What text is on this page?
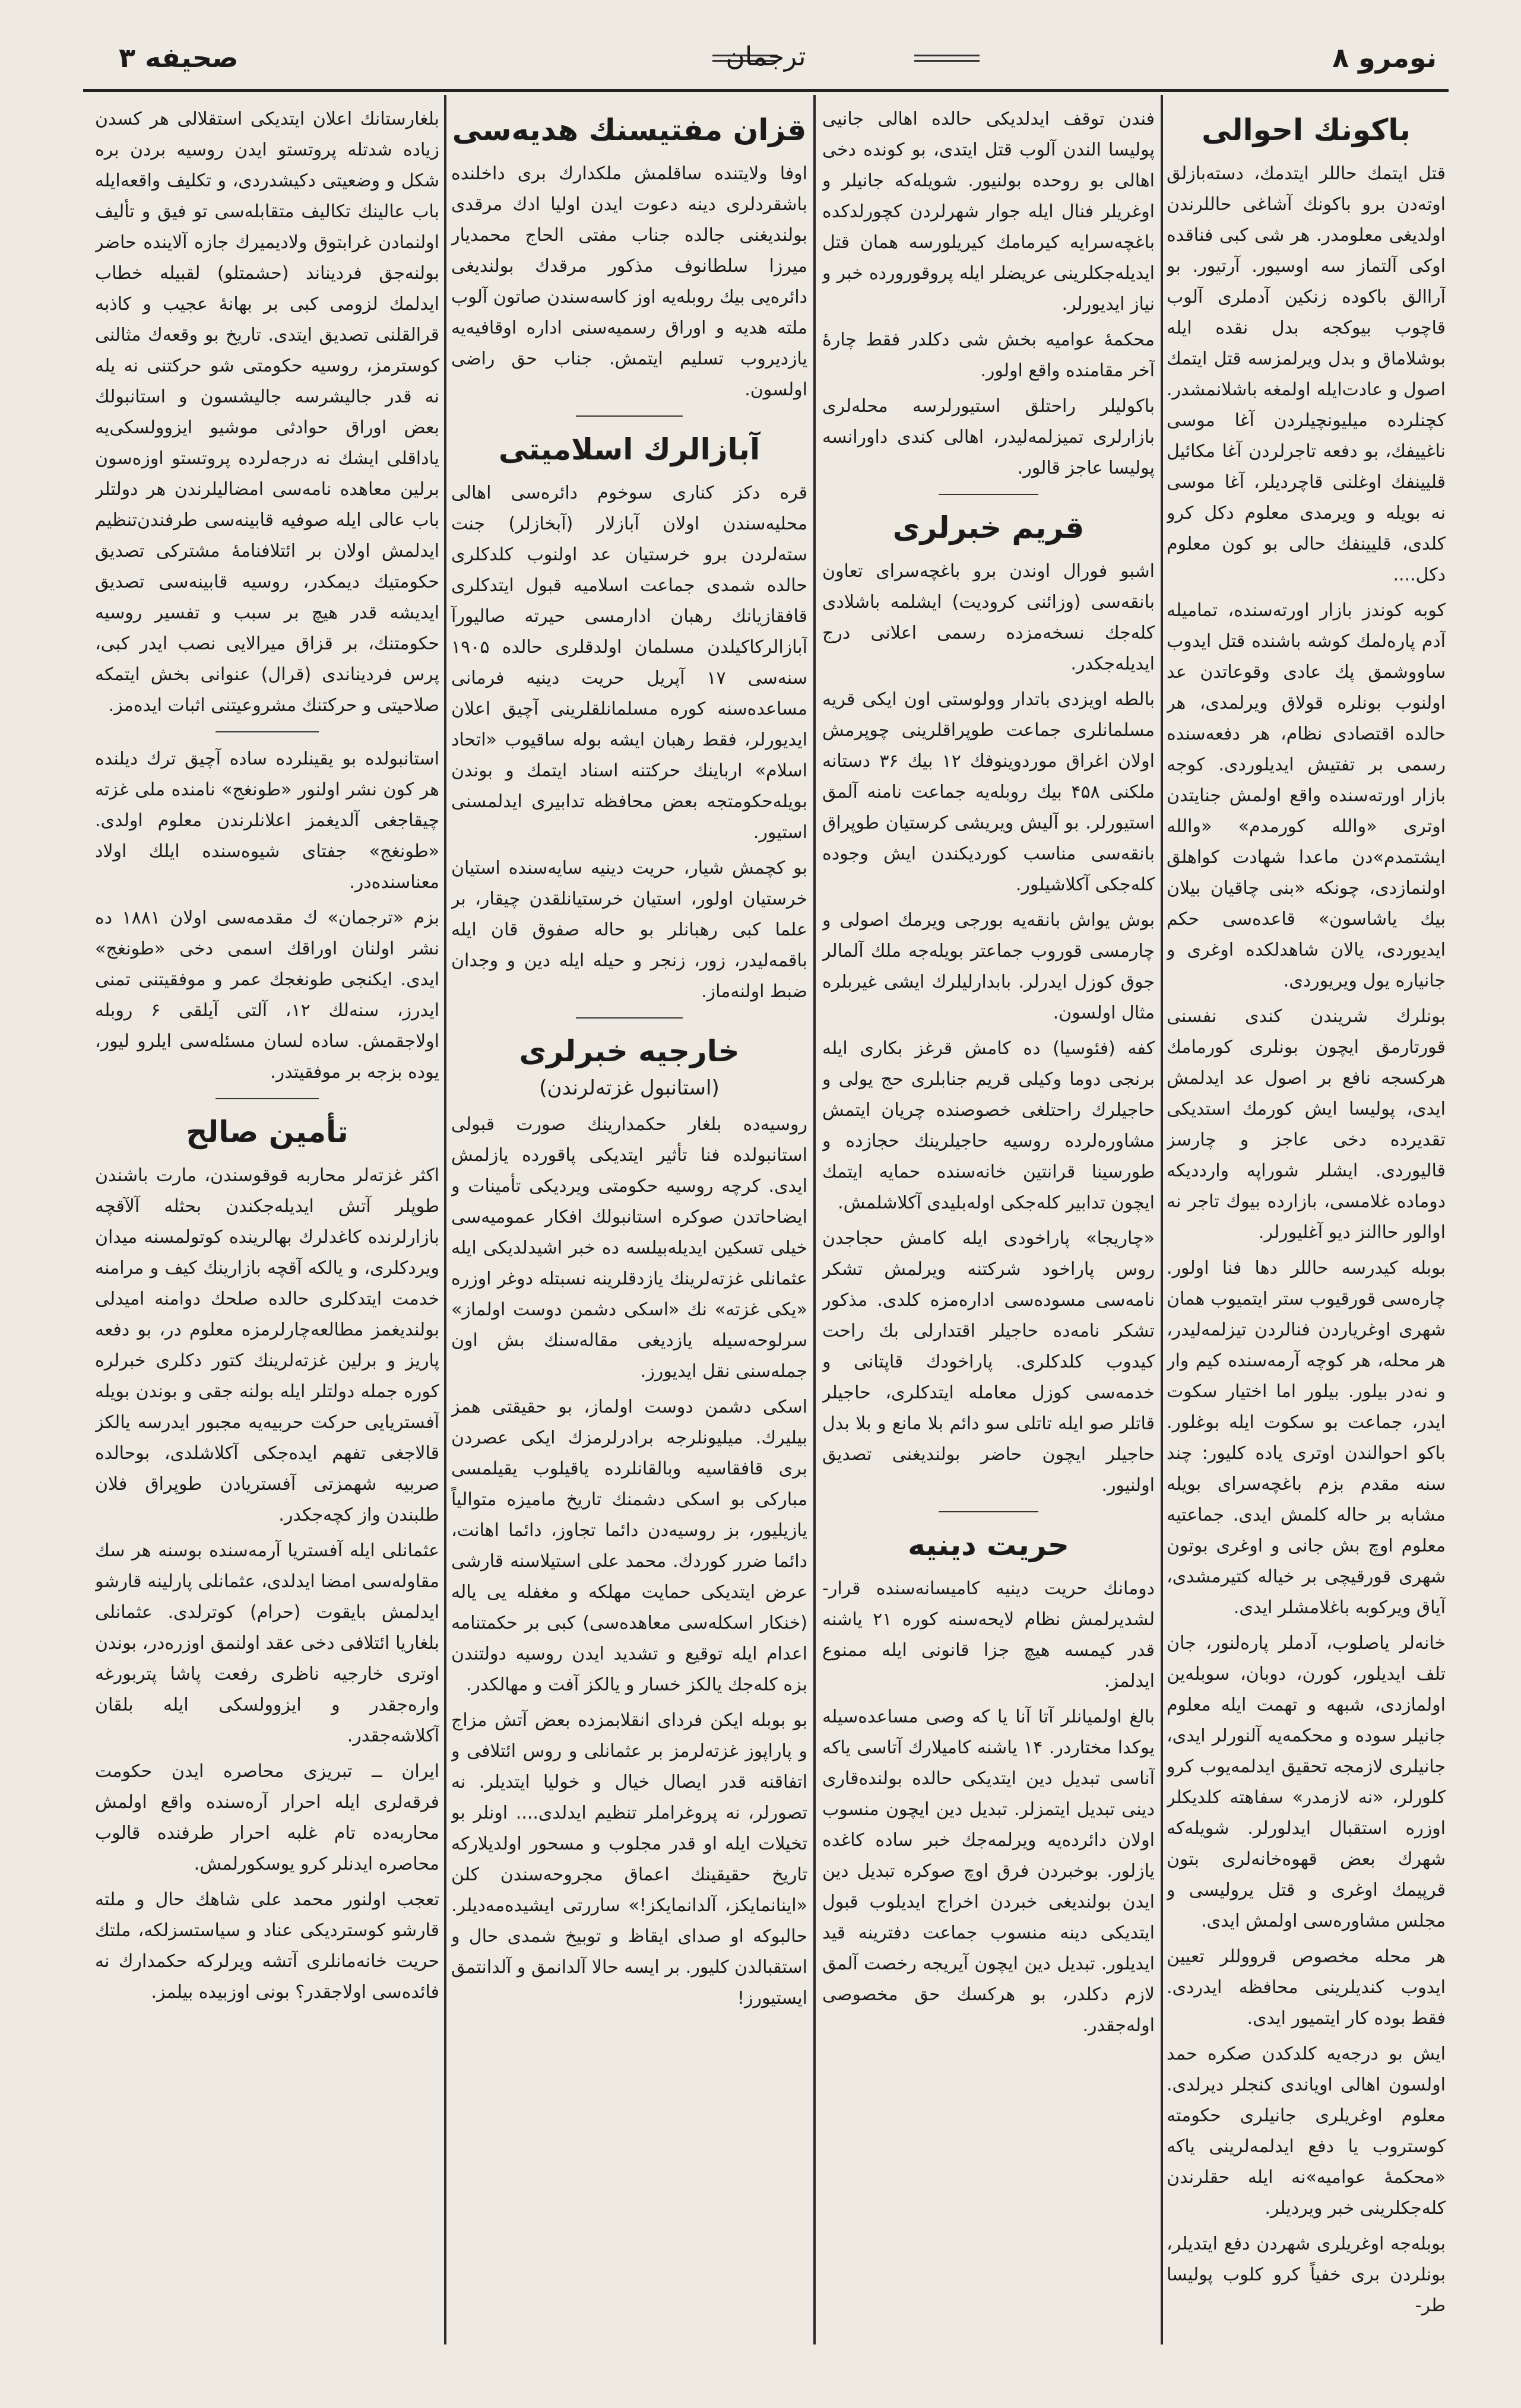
نومرو ۸
ترجمان
صحیفه ۳
باکونك احوالی

قتل ایتمك حاللر ایتدمك، دسته‌بازلق اوته‌دن برو باکونك آشاغی حاللرندن اولدیغی معلومدر. هر شی کبی فناقده اوکی آلتماز سه اوسیور. آرتیور. بو آراالق باکوده زنکین آدملری آلوب قاچوب بیوکجه بدل نقده ایله بوشلاماق و بدل ویرلمزسه قتل ایتمك اصول و عادت‌ایله اولمغه باشلانمشدر. کچنلرده میلیونچیلردن آغا موسی ناغییفك، بو دفعه تاجرلردن آغا مکائیل قلیینفك اوغلنی قاچردیلر، آغا موسی نه بویله و ویرمدی معلوم دکل کرو کلدی، قلیینفك حالی بو کون معلوم دکل....

کوبه کوندز بازار اورته‌سنده، تمامیله آدم پاره‌لمك کوشه باشنده قتل ایدوب ساووشمق پك عادی وقوعاتدن عد اولنوب بونلره قولاق ویرلمدی، هر حالده اقتصادی نظام، هر دفعه‌سنده رسمی بر تفتیش ایدیلوردی. کوجه بازار اورته‌سنده واقع اولمش جنایتدن اوتری «والله کورمدم» «والله ایشتمدم»دن ماعدا شهادت کواهلق اولنمازدی، چونکه «بنی چاقیان بیلان بیك یاشاسون» قاعده‌سی حکم ایدیوردی، یالان شاهدلکده اوغری و جانیاره یول ویریوردی.

بونلرك شریندن کندی نفسنی قورتارمق ایچون بونلری کورمامك هرکسجه نافع بر اصول عد ایدلمش ایدی، پولیسا ایش کورمك استدیکی تقدیرده دخی عاجز و چارسز قالیوردی. ایشلر شوراپه وارددیکه دوماده غلامسی، بازارده بیوك تاجر نه اوالور حاالنز دیو آغلیورلر.

بوبله کیدرسه حاللر دها فنا اولور. چاره‌سی قورقیوب ستر ایتمیوب همان شهری اوغریاردن فنالردن تیزلمه‌لیدر، هر محله، هر کوچه آرمه‌سنده کیم وار و نه‌در بیلور. بیلور اما اختیار سکوت ایدر، جماعت بو سکوت ایله بوغلور. باکو احوالندن اوتری یاده کلیور: چند سنه مقدم بزم باغچه‌سرای بویله مشابه بر حاله کلمش ایدی. جماعتیه معلوم اوچ بش جانی و اوغری بوتون شهری قورقیچی بر خیاله کتیرمشدی، آیاق ویرکوبه باغلامشلر ایدی.

خانه‌لر یاصلوب، آدملر پاره‌لنور، جان تلف ایدیلور، کورن، دوبان، سوبله‌ین اولمازدی، شبهه و تهمت ایله معلوم جانیلر سوده و محکمه‌یه آلنورلر ایدی، جانیلری لازمجه تحقیق ایدلمه‌یوب کرو کلورلر، «نه لازمدر» سفاهته کلدیکلر اوزره استقبال ایدلورلر. شویله‌که شهرك بعض قهوه‌خانه‌لری بتون قرپیمك اوغری و قتل یرولیسی و مجلس مشاوره‌سی اولمش ایدی.

هر محله مخصوص قرووللر تعیین ایدوب کندیلرینی محافظه ایدردی. فقط بوده کار ایتمیور ایدی.

ایش بو درجه‌یه کلدکدن صکره حمد اولسون اهالی اویاندی کنجلر دیرلدی. معلوم اوغریلری جانیلری حکومته کوستروب یا دفع ایدلمه‌لرینی یاکه «محکمهٔ عوامیه»نه ایله حقلرندن کله‌جکلرینی خبر ویردیلر.

بوبله‌جه اوغریلری شهردن دفع ایتدیلر، بونلردن بری خفیاً کرو کلوب پولیسا طر-

فندن توقف ایدلدیکی حالده اهالی جانیی پولیسا الندن آلوب قتل ایتدی، بو کونده دخی اهالی بو روحده بولنیور. شویله‌که جانیلر و اوغریلر فنال ایله جوار شهرلردن کچورلدکده باغچه‌سرایه کیرمامك کیریلورسه همان قتل ایدیله‌جکلرینی عریضلر ایله پروقورورده خبر و نیاز ایدیورلر.

محکمهٔ عوامیه بخش شی دکلدر فقط چارهٔ آخر مقامنده واقع اولور.

باکولیلر راحتلق استیورلرسه محله‌لری بازارلری تمیزلمه‌لیدر، اهالی کندی داورانسه پولیسا عاجز قالور.

قریم خبرلری

اشبو فورال اوندن برو باغچه‌سرای تعاون بانقه‌سی (وزائنی کرودیت) ایشلمه باشلادی کله‌جك نسخه‌مزده رسمی اعلانی درج ایدیله‌جکدر.

بالطه اویزدی باتدار وولوستی اون ایکی قریه مسلمانلری جماعت طوپراقلرینی چوپرمش اولان اغراق موردوینوفك ۱۲ بیك ۳۶ دستانه ملکنی ۴۵۸ بیك روبله‌یه جماعت نامنه آلمق استیورلر. بو آلیش ویریشی کرستیان طوپراق بانقه‌سی مناسب کوردیکندن ایش وجوده کله‌جکی آکلاشیلور.

بوش یواش بانقه‌یه بورجی ویرمك اصولی و چارمسی قوروب جماعتر بو‌یله‌جه ملك آلمالر جوق کوزل ایدرلر. بابدارلیلرك ایشی غیربلره مثال اولسون.

کفه (فئوسیا) ده کامش قرغز بکاری ایله برنجی دوما وکیلی قریم جنابلری حج یولی و حاجیلرك راحتلغی خصوصنده چریان ایتمش مشاوره‌لرده روسیه حاجیلرینك حجازده و طورسینا قرانتین خانه‌سنده حمایه ایتمك ایچون تدابیر کله‌جکی اوله‌بلیدی آکلاشلمش.

«چاریجا» پاراخودی ایله کامش حجاجدن روس پاراخود شرکتنه ویرلمش تشکر نامه‌سی مسوده‌سی اداره‌مزه کلدی. مذکور تشکر نامه‌ده حاجیلر اقتدارلی بك راحت کیدوب کلدکلری. پاراخودك قاپتانی و خدمه‌سی کوزل معامله ایتدکلری، حاجیلر قاتلر صو ایله تاتلی سو دائم بلا مانع و بلا بدل حاجیلر ایچون حاضر بولندیغنی تصدیق اولنیور.

حریت دینیه

دومانك حریت دینیه کامیسانه‌سنده قرار-لشدیرلمش نظام لایحه‌سنه کوره ۲۱ یاشنه قدر کیمسه هیچ جزا قانونی ایله ممنوع ایدلمز.

بالغ اولمیانلر آتا آنا یا که وصی مساعده‌سیله یوکدا مختاردر. ۱۴ یاشنه کامیلارك آتاسی یاکه آناسی تبدیل دین ایتدیکی حالده بولنده‌قاری دینی تبدیل ایتمزلر. تبدیل دین ایچون منسوب اولان دائرده‌یه ویرلمه‌جك خبر ساده کاغده یازلور. بوخبردن فرق اوچ صوکره تبدیل دین ایدن بولندیغی خبردن اخراج ایدیلوب قبول ایتدیکی دینه منسوب جماعت دفترینه قید ایدیلور. تبدیل دین ایچون آیریجه رخصت آلمق لازم دکلدر، بو هرکسك حق مخصوصی اوله‌جقدر.

قزان مفتیسنك هدیه‌سی

اوفا ولایتنده ساقلمش ملکدارك بری داخلنده باشقردلری دینه دعوت ایدن اولیا ادك مرقدی بولندیغنی جالده جناب مفتی الحاج محمدیار میرزا سلطانوف مذکور مرقدك بولندیغی دائره‌یی بیك روبله‌یه اوز کاسه‌سندن صاتون آلوب ملته هدیه و اوراق رسمیه‌سنی اداره اوقافیه‌یه یازدیروب تسلیم ایتمش. جناب حق راضی اولسون.

آبازالرك اسلامیتی

قره دکز کناری سوخوم دائره‌سی اهالی محلیه‌سندن اولان آبازلار (آبخازلر) جنت سته‌لردن برو خرستیان عد اولنوب کلدکلری حالده شمدی جماعت اسلامیه قبول ایتدکلری قافقازیانك رهبان ادارمسی حیرته صالیورآ آبازالرکاکیلدن مسلمان اولدقلری حالده ۱۹۰۵ سنه‌سی ۱۷ آپریل حریت دینیه فرمانی مساعده‌سنه کوره مسلمانلقلرینی آچیق اعلان ایدیورلر، فقط رهبان ایشه بوله ساقیوب «اتحاد اسلام» ارباینك حرکتنه اسناد ایتمك و بوندن بویله‌حکومتجه بعض محافظه تدابیری ایدلمسنی استیور.

بو کچمش شیار، حریت دینیه سایه‌سنده استیان خرستیان اولور، استیان خرستیانلقدن چیقار، بر علما کبی رهبانلر بو حاله صفوق قان ایله باقمه‌لیدر، زور، زنجر و حیله ایله دین و وجدان ضبط اولنه‌ماز.

خارجیه خبرلری
(استانبول غزته‌لرندن)

روسیه‌ده بلغار حکمدارینك صورت قبولی استانبولده فنا تأثیر ایتدیکی پاقورده یازلمش ایدی. کرچه روسیه حکومتی ویردیکی تأمینات و ایضاحاتدن صوکره استانبولك افکار عمومیه‌سی خیلی تسکین ایدیله‌بیلسه ده خبر اشیدلدیکی ایله عثمانلی غزته‌لرینك یازدقلرینه نسبتله دوغر اوزره «یکی غزته» نك «اسکی دشمن دوست اولماز» سرلوحه‌سیله یازدیغی مقاله‌سنك بش اون جمله‌سنی نقل ایدیورز.

اسکی دشمن دوست اولماز، بو حقیقتی همز بیلیرك. میلیونلرجه برادرلرمزك ایکی عصردن بری قافقاسیه وبالقانلرده یاقیلوب یقیلمسی مبارکی بو اسکی دشمنك تاریخ مامیزه متوالیاً یازیلیور، بز روسیه‌دن دائما تجاوز، دائما اهانت، دائما ضرر کوردك. محمد علی استیلاسنه قارشی عرض ایتدیکی حمایت مهلکه و مغفله یی یاله (خنکار اسکله‌سی معاهده‌سی) کبی بر حکمتنامه اعدام ایله توقیع و تشدید ایدن روسیه دولتندن بزه کله‌جك یالکز خسار و یالکز آفت و مهالکدر.

بو بوبله ایکن فردای انقلابمزده بعض آتش مزاج و پاراپوز غزته‌لرمز بر عثمانلی و روس ائتلافی و اتفاقنه قدر ایصال خیال و خولیا ایتدیلر. نه تصورلر، نه پروغراملر تنظیم ایدلدی.... اونلر بو تخیلات ایله او قدر مجلوب و مسحور اولدیلارکه تاریخ حقیقینك اعماق مجروحه‌سندن کلن «اینانمایکز، آلدانمایکز!» ساررتی ایشیده‌مه‌دیلر. حالبوکه او صدای ایقاظ و توبیخ شمدی حال و استقبالدن کلیور. بر ایسه حالا آلدانمق و آلدانتمق ایستیورز!

بلغارستانك اعلان ایتدیکی استقلالی هر کسدن زیاده شدتله پروتستو ایدن روسیه بردن بره شکل و وضعیتی دکیشدردی، و تکلیف واقعه‌ایله باب عالینك تکالیف متقابله‌سی تو فیق و تألیف اولنمادن غرابتوق ولادیمیرك جازه آلاینده حاضر بولنه‌جق فردیناند (حشمتلو) لقبیله خطاب ایدلمك لزومی کبی بر بهانهٔ عجیب و کاذبه قرالقلنی تصدیق ایتدی. تاریخ بو وقعه‌ك مثالنی کوسترمز، روسیه حکومتی شو حرکتنی نه یله نه قدر جالیشرسه جالیشسون و استانبولك بعض اوراق حوادثی موشیو ایزوولسکی‌یه یاداقلی ایشك نه درجه‌لرده پروتستو اوزه‌سون برلین معاهده نامه‌سی امضالیلرندن هر دولتلر باب عالی ایله صوفیه قابینه‌سی طرفندن‌تنظیم ایدلمش اولان بر ائتلافنامهٔ مشترکی تصدیق حکومتیك دیمکدر، روسیه قابینه‌سی تصدیق ایدیشه قدر هیچ بر سبب و تفسیر روسیه حکومتنك، بر قزاق میرالایی نصب ایدر کبی، پرس فردیناندی (قرال) عنوانی بخش ایتمکه صلاحیتی و حرکتنك مشروعیتنی اثبات ایده‌مز.

استانبولده بو یقینلرده ساده آچیق ترك دیلنده هر کون نشر اولنور «طونغج» نامنده ملی غزته چیقاجغی آلدیغمز اعلانلرندن معلوم اولدی. «طونغج» جفتای شیوه‌سنده ایلك اولاد معناسنده‌در.

بزم «ترجمان» ك مقدمه‌سی اولان ۱۸۸۱ ده نشر اولنان اوراقك اسمی دخی «طونغج» ایدی. ایکنجی طونغجك عمر و موفقیتنی تمنی ایدرز، سنه‌لك ۱۲، آلتی آیلقی ۶ روبله اولاجقمش. ساده لسان مسئله‌سی ایلرو لیور، یوده بزجه بر موفقیتدر.

تأمین صالح

اکثر غزته‌لر محاربه قوقوسندن، مارت باشندن طوپلر آتش ایدیله‌جکندن بحثله آلآقچه بازارلرنده کاغدلرك بهالرینده کوتولمسنه میدان ویردکلری، و یالکه آقچه بازارینك کیف و مرامنه خدمت ایتدکلری حالده صلحك دوامنه امیدلی بولندیغمز مطالعه‌چارلرمزه معلوم در، بو دفعه پاریز و برلین غزته‌لرینك کتور دکلری خبرلره کوره جمله دولتلر ایله بولنه جقی و بوندن بویله آفستریایی حرکت حربیه‌یه مجبور ایدرسه یالکز قالاجغی تفهم ایده‌جکی آکلاشلدی، بوحالده صربیه شهمزتی آفستریادن طوپراق فلان طلبندن واز کچه‌جکدر.

عثمانلی ایله آفستریا آرمه‌سنده بوسنه هر سك مقاوله‌سی امضا ایدلدی، عثمانلی پارلینه قارشو ایدلمش بایقوت (حرام) کوترلدی. عثمانلی بلغاریا ائتلافی دخی عقد اولنمق اوزره‌در، بوندن اوتری خارجیه ناظری رفعت پاشا پتربورغه واره‌جقدر و ایزوولسکی ایله بلقان آکلاشه‌جقدر.

ایران ــ تبریزی محاصره ایدن حکومت فرقه‌لری ایله احرار آره‌سنده واقع اولمش محاربه‌ده تام غلبه احرار طرفنده قالوب محاصره ایدنلر کرو یوسکورلمش.

تعجب اولنور محمد علی شاهك حال و ملته قارشو کوستردیکی عناد و سیاستسزلکه، ملتك حریت خانه‌مانلری آتشه ویرلرکه حکمدارك نه فائده‌سی اولاجقدر؟ بونی اوزبیده بیلمز.
